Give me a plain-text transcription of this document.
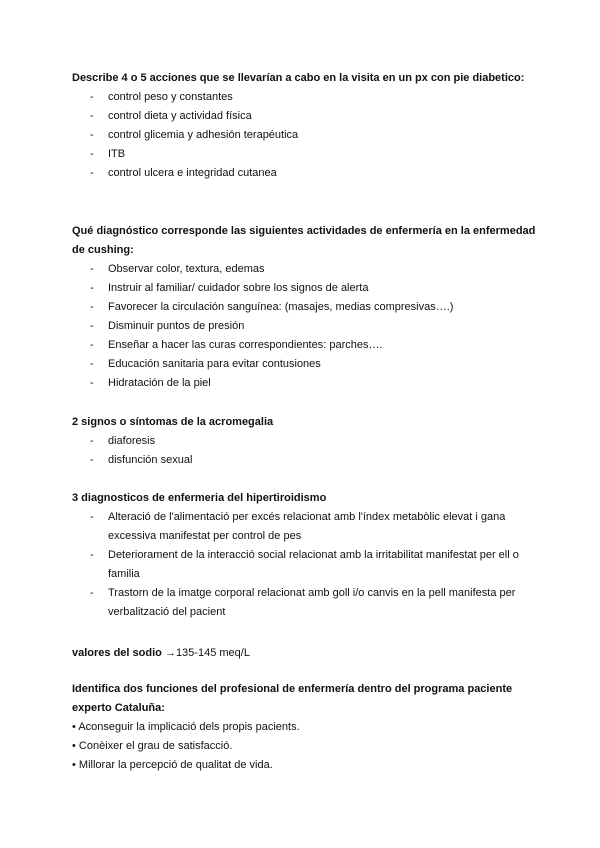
Describe 4 o 5 acciones que se llevarían a cabo en la visita en un px con pie diabetico:

- control peso y constantes
- control dieta y actividad física
- control glicemia y adhesión terapéutica
- ITB
- control ulcera e integridad cutanea

Qué diagnóstico corresponde las siguientes actividades de enfermería en la enfermedad de cushing:

- Observar color, textura, edemas
- Instruir al familiar/ cuidador sobre los signos de alerta
- Favorecer la circulación sanguínea: (masajes, medias compresivas….)
- Disminuir puntos de presión
- Enseñar a hacer las curas correspondientes: parches….
- Educación sanitaria para evitar contusiones
- Hidratación de la piel

2 signos o síntomas de la acromegalia

- diaforesis
- disfunción sexual

3 diagnosticos de enfermeria del hipertiroidismo

- Alteració de l'alimentació per excés relacionat amb l'índex metabòlic elevat i gana excessiva manifestat per control de pes
- Deteriorament de la interacció social relacionat amb la irritabilitat manifestat per ell o familia
- Trastorn de la imatge corporal relacionat amb goll i/o canvis en la pell manifesta per verbalització del pacient
valores del sodio →135-145 meq/L

Identifica dos funciones del profesional de enfermería dentro del programa paciente experto Cataluña:

• Aconseguir la implicació dels propis pacients.
• Conèixer el grau de satisfacció.
• Millorar la percepció de qualitat de vida.
